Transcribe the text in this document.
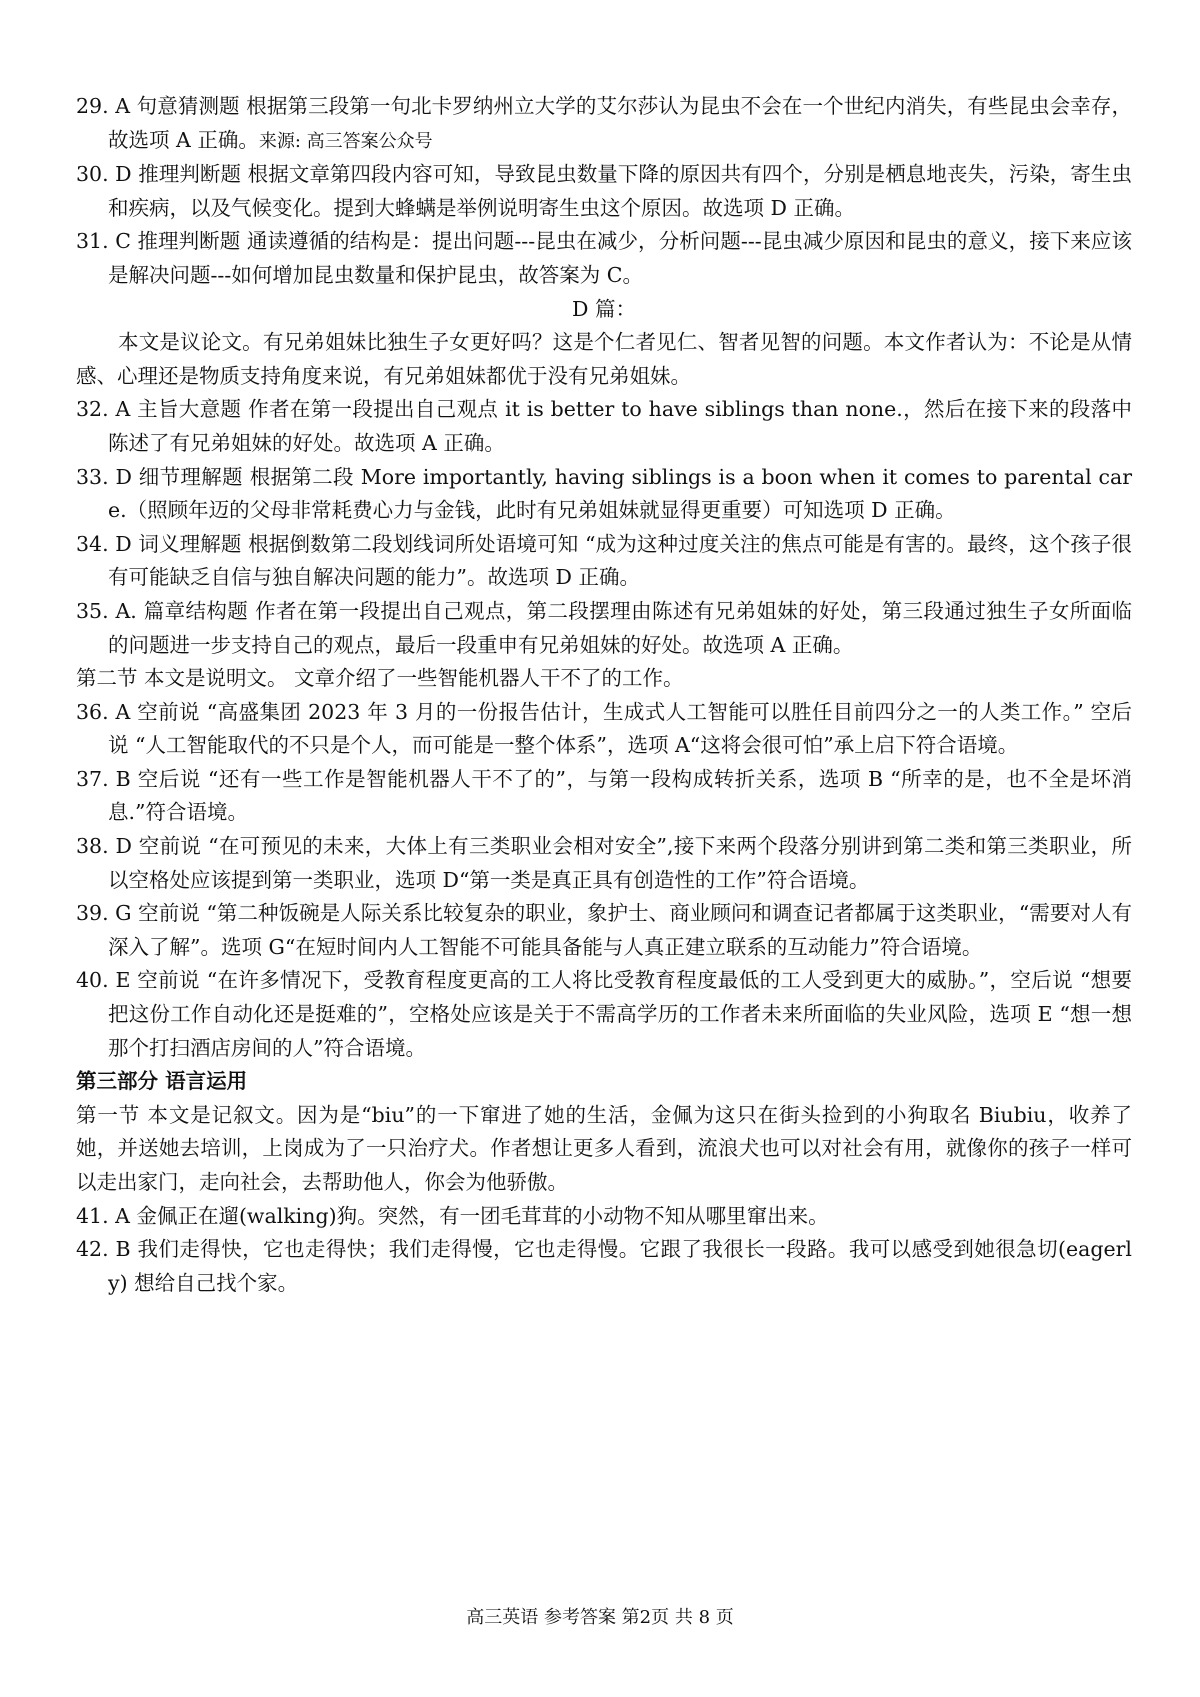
29. A 句意猜测题 根据第三段第一句北卡罗纳州立大学的艾尔莎认为昆虫不会在一个世纪内消失，有些昆虫会幸存，故选项 A 正确。来源: 高三答案公众号

30. D 推理判断题 根据文章第四段内容可知，导致昆虫数量下降的原因共有四个，分别是栖息地丧失，污染，寄生虫和疾病，以及气候变化。提到大蜂螨是举例说明寄生虫这个原因。故选项 D 正确。

31. C 推理判断题 通读遵循的结构是：提出问题---昆虫在减少，分析问题---昆虫减少原因和昆虫的意义，接下来应该是解决问题---如何增加昆虫数量和保护昆虫，故答案为 C。

D 篇：

本文是议论文。有兄弟姐妹比独生子女更好吗？这是个仁者见仁、智者见智的问题。本文作者认为：不论是从情感、心理还是物质支持角度来说，有兄弟姐妹都优于没有兄弟姐妹。

32. A 主旨大意题 作者在第一段提出自己观点 it is better to have siblings than none.，然后在接下来的段落中陈述了有兄弟姐妹的好处。故选项 A 正确。

33. D 细节理解题 根据第二段 More importantly, having siblings is a boon when it comes to parental care.（照顾年迈的父母非常耗费心力与金钱，此时有兄弟姐妹就显得更重要）可知选项 D 正确。

34. D 词义理解题 根据倒数第二段划线词所处语境可知 “成为这种过度关注的焦点可能是有害的。最终，这个孩子很有可能缺乏自信与独自解决问题的能力”。故选项 D 正确。

35. A. 篇章结构题 作者在第一段提出自己观点，第二段摆理由陈述有兄弟姐妹的好处，第三段通过独生子女所面临的问题进一步支持自己的观点，最后一段重申有兄弟姐妹的好处。故选项 A 正确。

第二节 本文是说明文。 文章介绍了一些智能机器人干不了的工作。

36. A 空前说 “高盛集团 2023 年 3 月的一份报告估计，生成式人工智能可以胜任目前四分之一的人类工作。” 空后说 “人工智能取代的不只是个人，而可能是一整个体系”，选项 A“这将会很可怕”承上启下符合语境。

37. B 空后说 “还有一些工作是智能机器人干不了的”，与第一段构成转折关系，选项 B “所幸的是，也不全是坏消息.”符合语境。

38. D 空前说 “在可预见的未来，大体上有三类职业会相对安全”,接下来两个段落分别讲到第二类和第三类职业，所以空格处应该提到第一类职业，选项 D“第一类是真正具有创造性的工作”符合语境。

39. G 空前说 “第二种饭碗是人际关系比较复杂的职业，象护士、商业顾问和调查记者都属于这类职业，“需要对人有深入了解”。选项 G“在短时间内人工智能不可能具备能与人真正建立联系的互动能力”符合语境。

40. E 空前说 “在许多情况下，受教育程度更高的工人将比受教育程度最低的工人受到更大的威胁。”，空后说 “想要把这份工作自动化还是挺难的”，空格处应该是关于不需高学历的工作者未来所面临的失业风险，选项 E “想一想那个打扫酒店房间的人”符合语境。

第三部分 语言运用

第一节 本文是记叙文。因为是“biu”的一下窜进了她的生活，金佩为这只在街头捡到的小狗取名 Biubiu，收养了她，并送她去培训，上岗成为了一只治疗犬。作者想让更多人看到，流浪犬也可以对社会有用，就像你的孩子一样可以走出家门，走向社会，去帮助他人，你会为他骄傲。

41. A 金佩正在遛(walking)狗。突然，有一团毛茸茸的小动物不知从哪里窜出来。

42. B 我们走得快，它也走得快；我们走得慢，它也走得慢。它跟了我很长一段路。我可以感受到她很急切(eagerly) 想给自己找个家。

高三英语 参考答案 第2页 共 8 页
